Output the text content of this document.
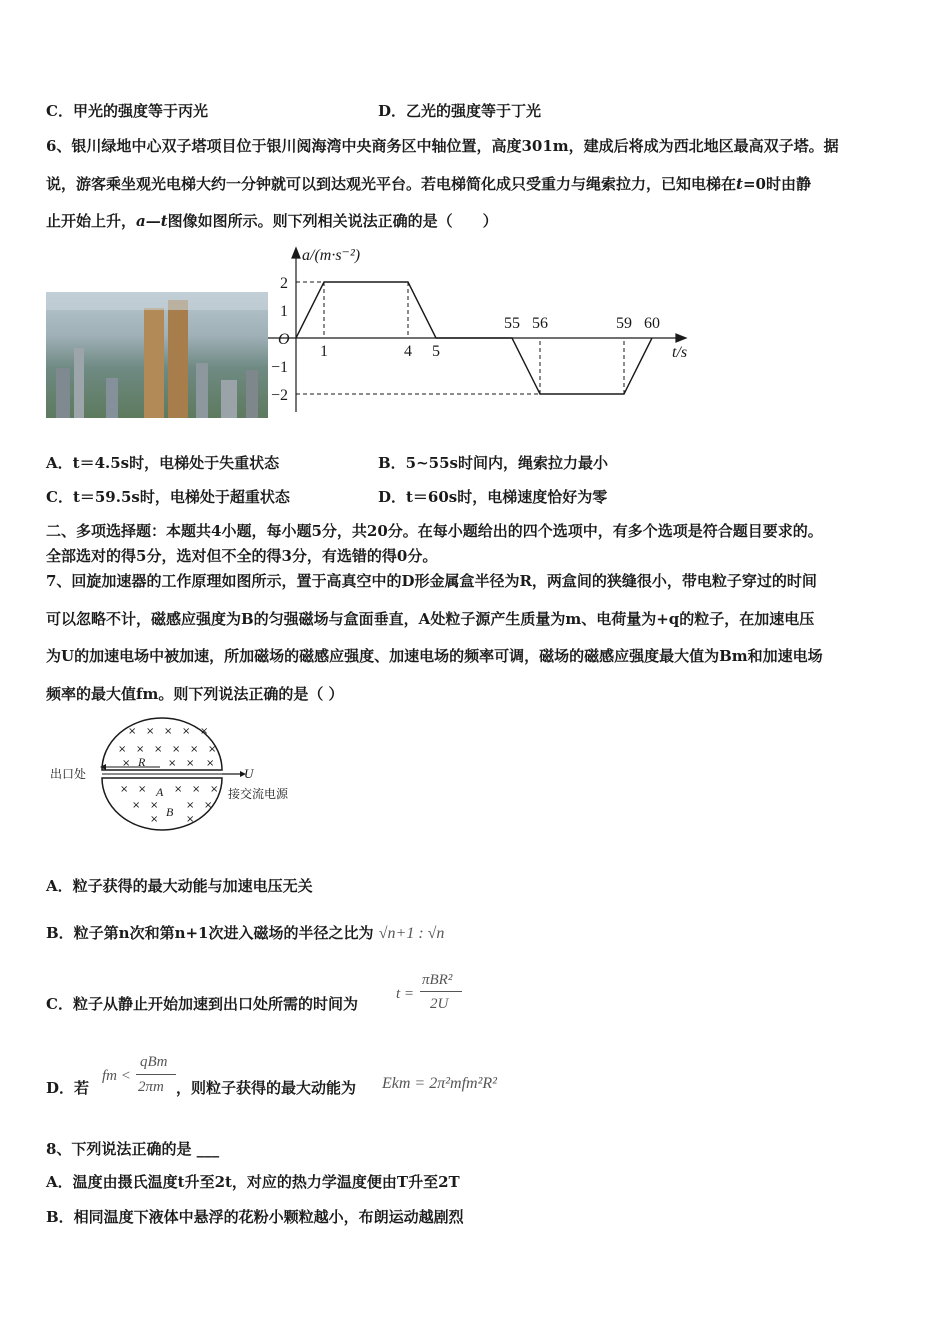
C．甲光的强度等于丙光	D．乙光的强度等于丁光
6、银川绿地中心双子塔项目位于银川阅海湾中央商务区中轴位置，高度301m，建成后将成为西北地区最高双子塔。据
说，游客乘坐观光电梯大约一分钟就可以到达观光平台。若电梯简化成只受重力与绳索拉力，已知电梯在t=0时由静
止开始上升，a—t图像如图所示。则下列相关说法正确的是（　　）
1	4 5
55 56	59 60
2
1
−1
−2
a/(m·s⁻²)
t/s
O
A．t＝4.5s时，电梯处于失重状态	B．5~55s时间内，绳索拉力最小
C．t＝59.5s时，电梯处于超重状态	D．t＝60s时，电梯速度恰好为零
二、多项选择题：本题共4小题，每小题5分，共20分。在每小题给出的四个选项中，有多个选项是符合题目要求的。
全部选对的得5分，选对但不全的得3分，有选错的得0分。
7、回旋加速器的工作原理如图所示，置于高真空中的D形金属盒半径为R，两盒间的狭缝很小，带电粒子穿过的时间
可以忽略不计，磁感应强度为B的匀强磁场与盒面垂直，A处粒子源产生质量为m、电荷量为+q的粒子，在加速电压
为U的加速电场中被加速，所加磁场的磁感应强度、加速电场的频率可调，磁场的磁感应强度最大值为Bm和加速电场
频率的最大值fm。则下列说法正确的是（ ）
× × × × ×
× × × × × ×
×	× × ×
× ×	× × ×
× ×	× ×
×	×
出口处	U
接交流电源
R
A
B
A．粒子获得的最大动能与加速电压无关
B．粒子第n次和第n+1次进入磁场的半径之比为 √n+1 : √n
C．粒子从静止开始加速到出口处所需的时间为
t =
πBR²
2U
D．若
fm <
qBm
2πm ，则粒子获得的最大动能为 Ekm = 2π²mfm²R²
8、下列说法正确的是 ___
A．温度由摄氏温度t升至2t，对应的热力学温度便由T升至2T
B．相同温度下液体中悬浮的花粉小颗粒越小，布朗运动越剧烈
